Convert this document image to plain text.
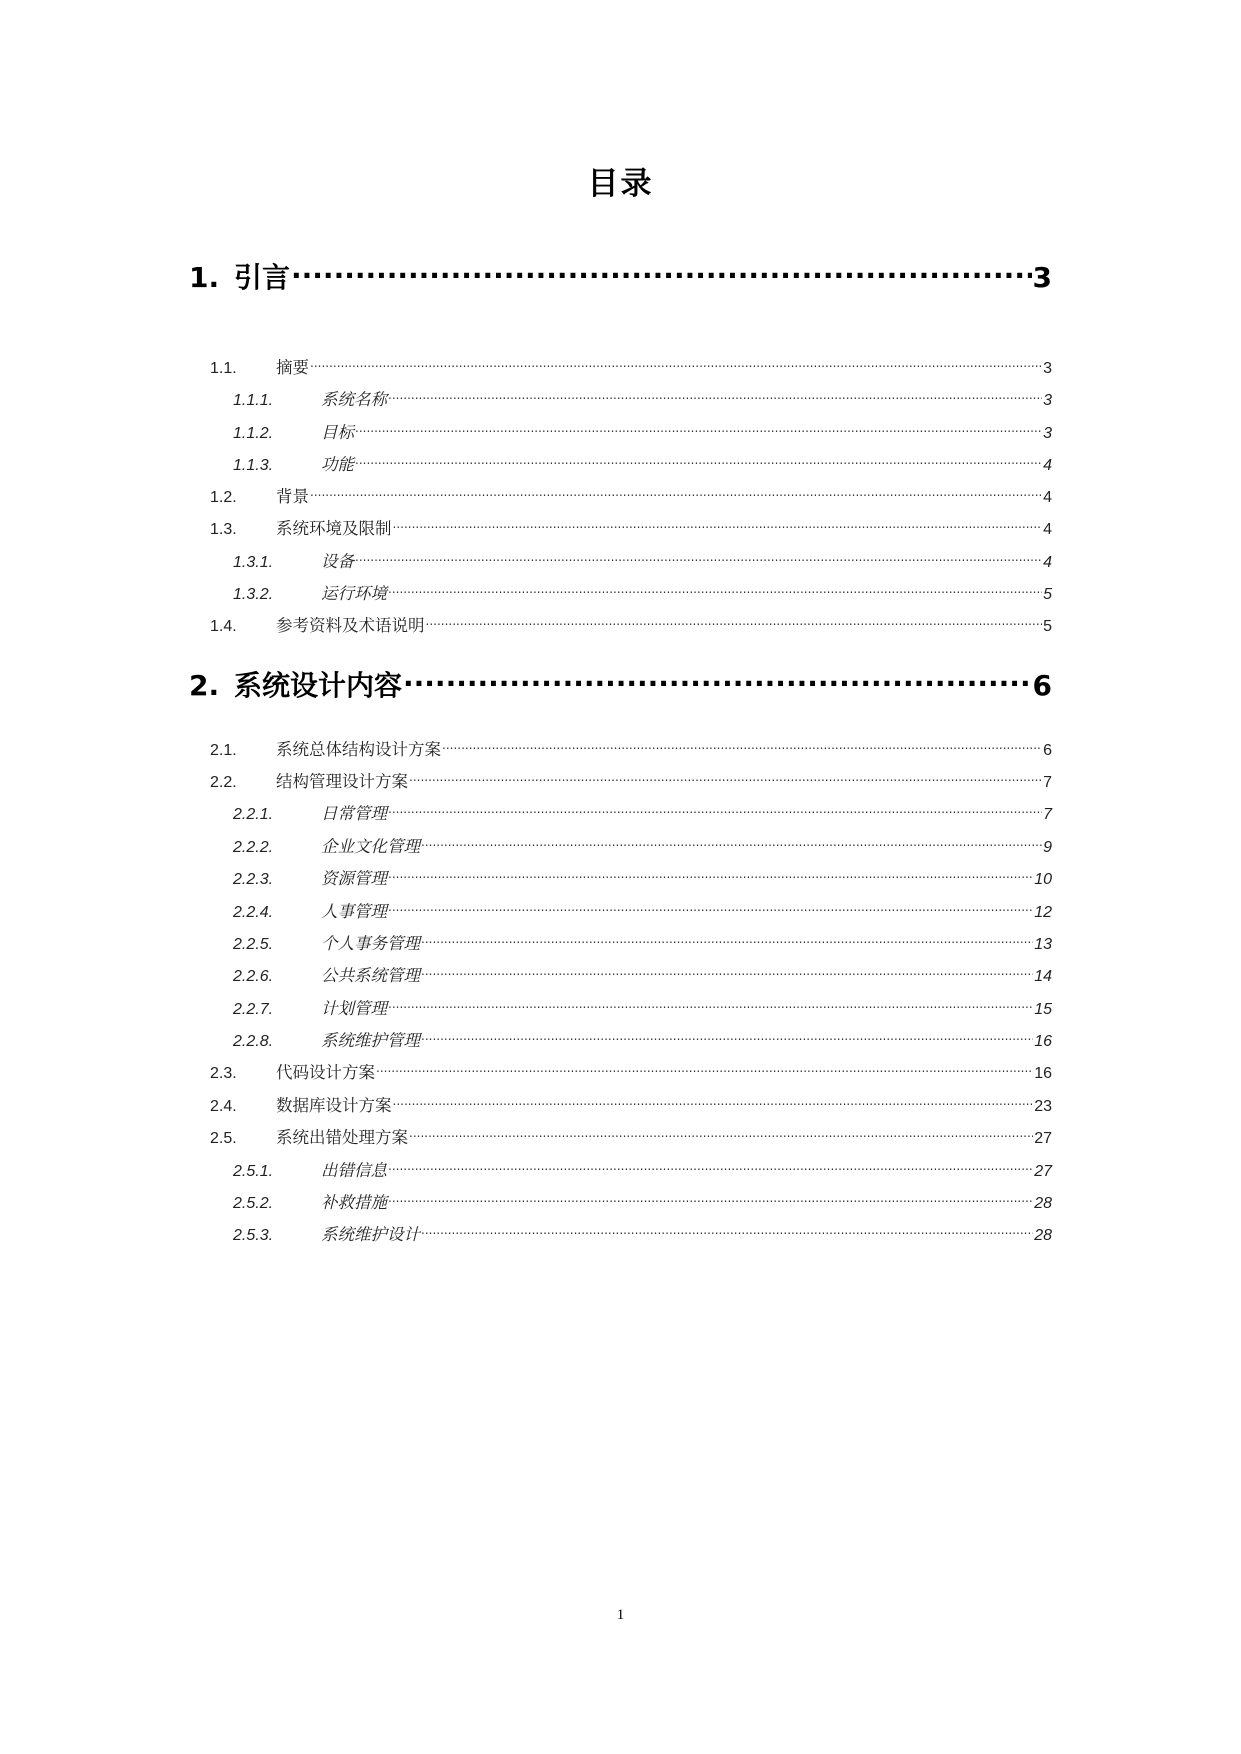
目录
1. 引言 .....	3
1.1.	摘要 .....	3
1.1.1.	系统名称 .....	3
1.1.2.	目标 .....	3
1.1.3.	功能 .....	4
1.2.	背景 .....	4
1.3.	系统环境及限制 .....	4
1.3.1.	设备 .....	4
1.3.2.	运行环境 .....	5
1.4.	参考资料及术语说明 .....	5
2. 系统设计内容 .....	6
2.1.	系统总体结构设计方案 .....	6
2.2.	结构管理设计方案 .....	7
2.2.1.	日常管理 .....	7
2.2.2.	企业文化管理 .....	9
2.2.3.	资源管理 .....	10
2.2.4.	人事管理 .....	12
2.2.5.	个人事务管理 .....	13
2.2.6.	公共系统管理 .....	14
2.2.7.	计划管理 .....	15
2.2.8.	系统维护管理 .....	16
2.3.	代码设计方案 .....	16
2.4.	数据库设计方案 .....	23
2.5.	系统出错处理方案 .....	27
2.5.1.	出错信息 .....	27
2.5.2.	补救措施 .....	28
2.5.3.	系统维护设计 .....	28
1
